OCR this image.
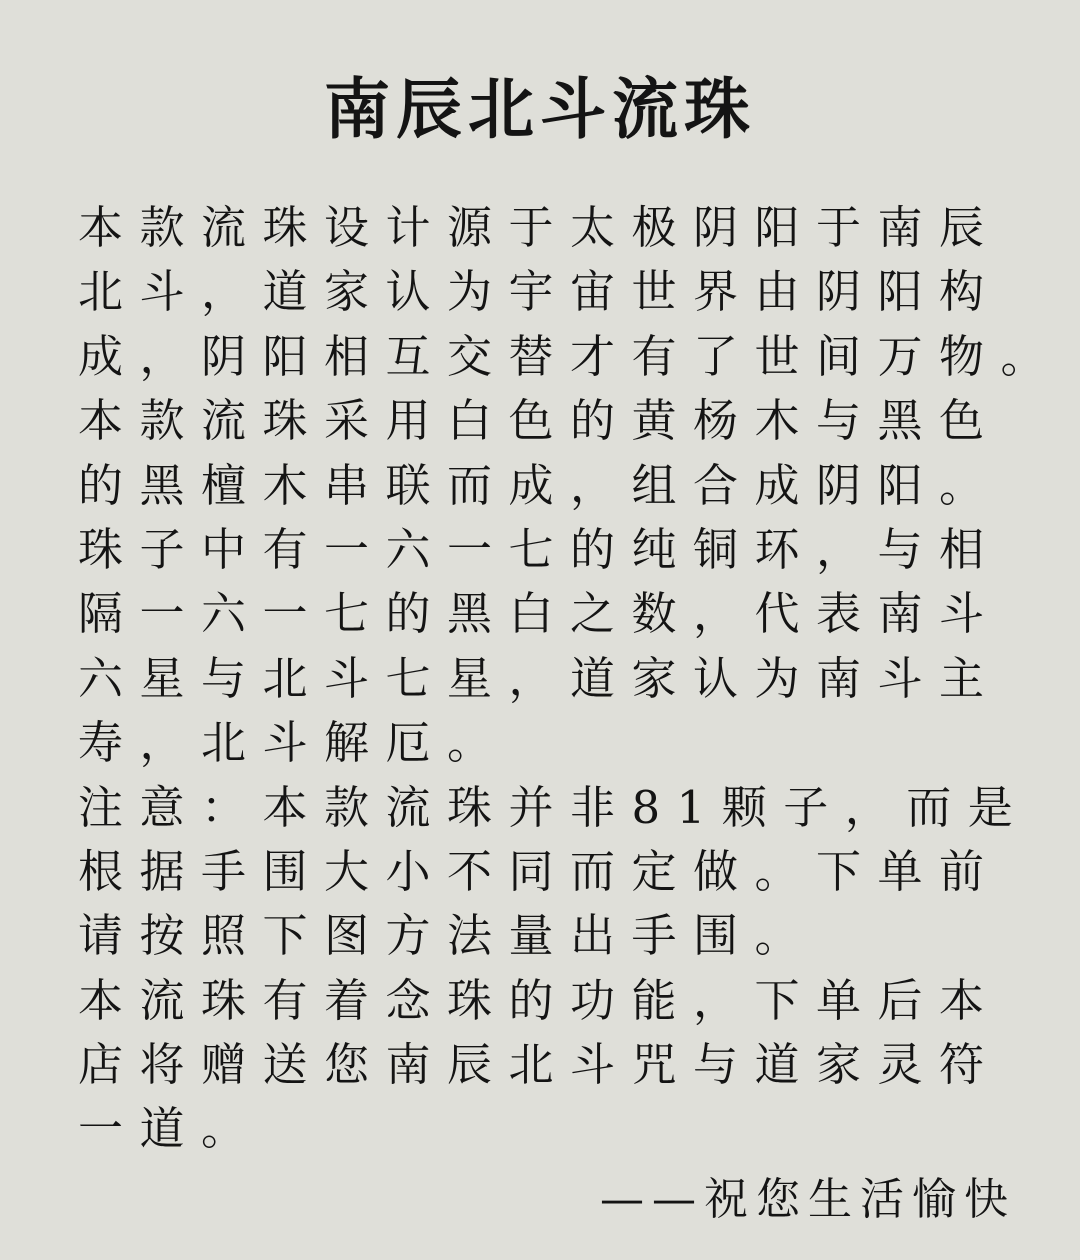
南辰北斗流珠
本款流珠设计源于太极阴阳于南辰
北斗，道家认为宇宙世界由阴阳构
成，阴阳相互交替才有了世间万物。
本款流珠采用白色的黄杨木与黑色
的黑檀木串联而成，组合成阴阳。
珠子中有一六一七的纯铜环，与相
隔一六一七的黑白之数，代表南斗
六星与北斗七星，道家认为南斗主
寿，北斗解厄。
注意：本款流珠并非81颗子，而是
根据手围大小不同而定做。下单前
请按照下图方法量出手围。
本流珠有着念珠的功能，下单后本
店将赠送您南辰北斗咒与道家灵符
一道。
——祝您生活愉快
